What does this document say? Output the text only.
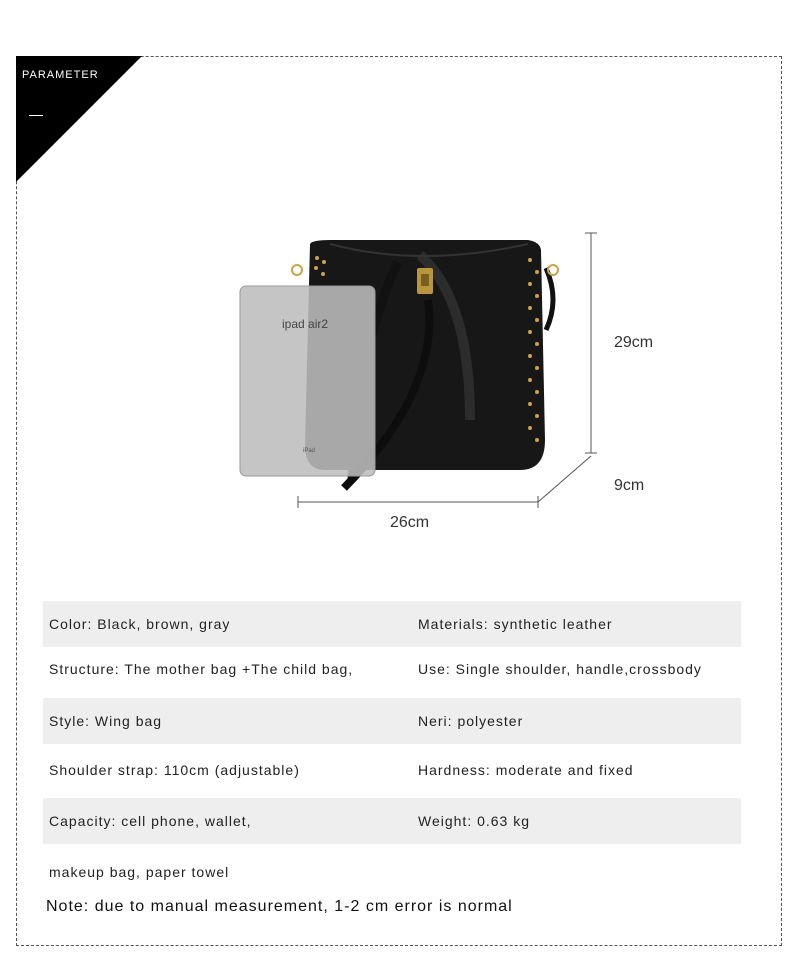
PARAMETER
ipad air2
iPad
29cm
9cm
26cm
Color: Black, brown, gray	Materials: synthetic leather
Structure: The mother bag +The child bag,	Use: Single shoulder, handle,crossbody
Style: Wing bag	Neri: polyester
Shoulder strap: 110cm (adjustable)	Hardness: moderate and fixed
Capacity: cell phone, wallet,	Weight: 0.63 kg
makeup bag, paper towel
Note: due to manual measurement, 1-2 cm error is normal
